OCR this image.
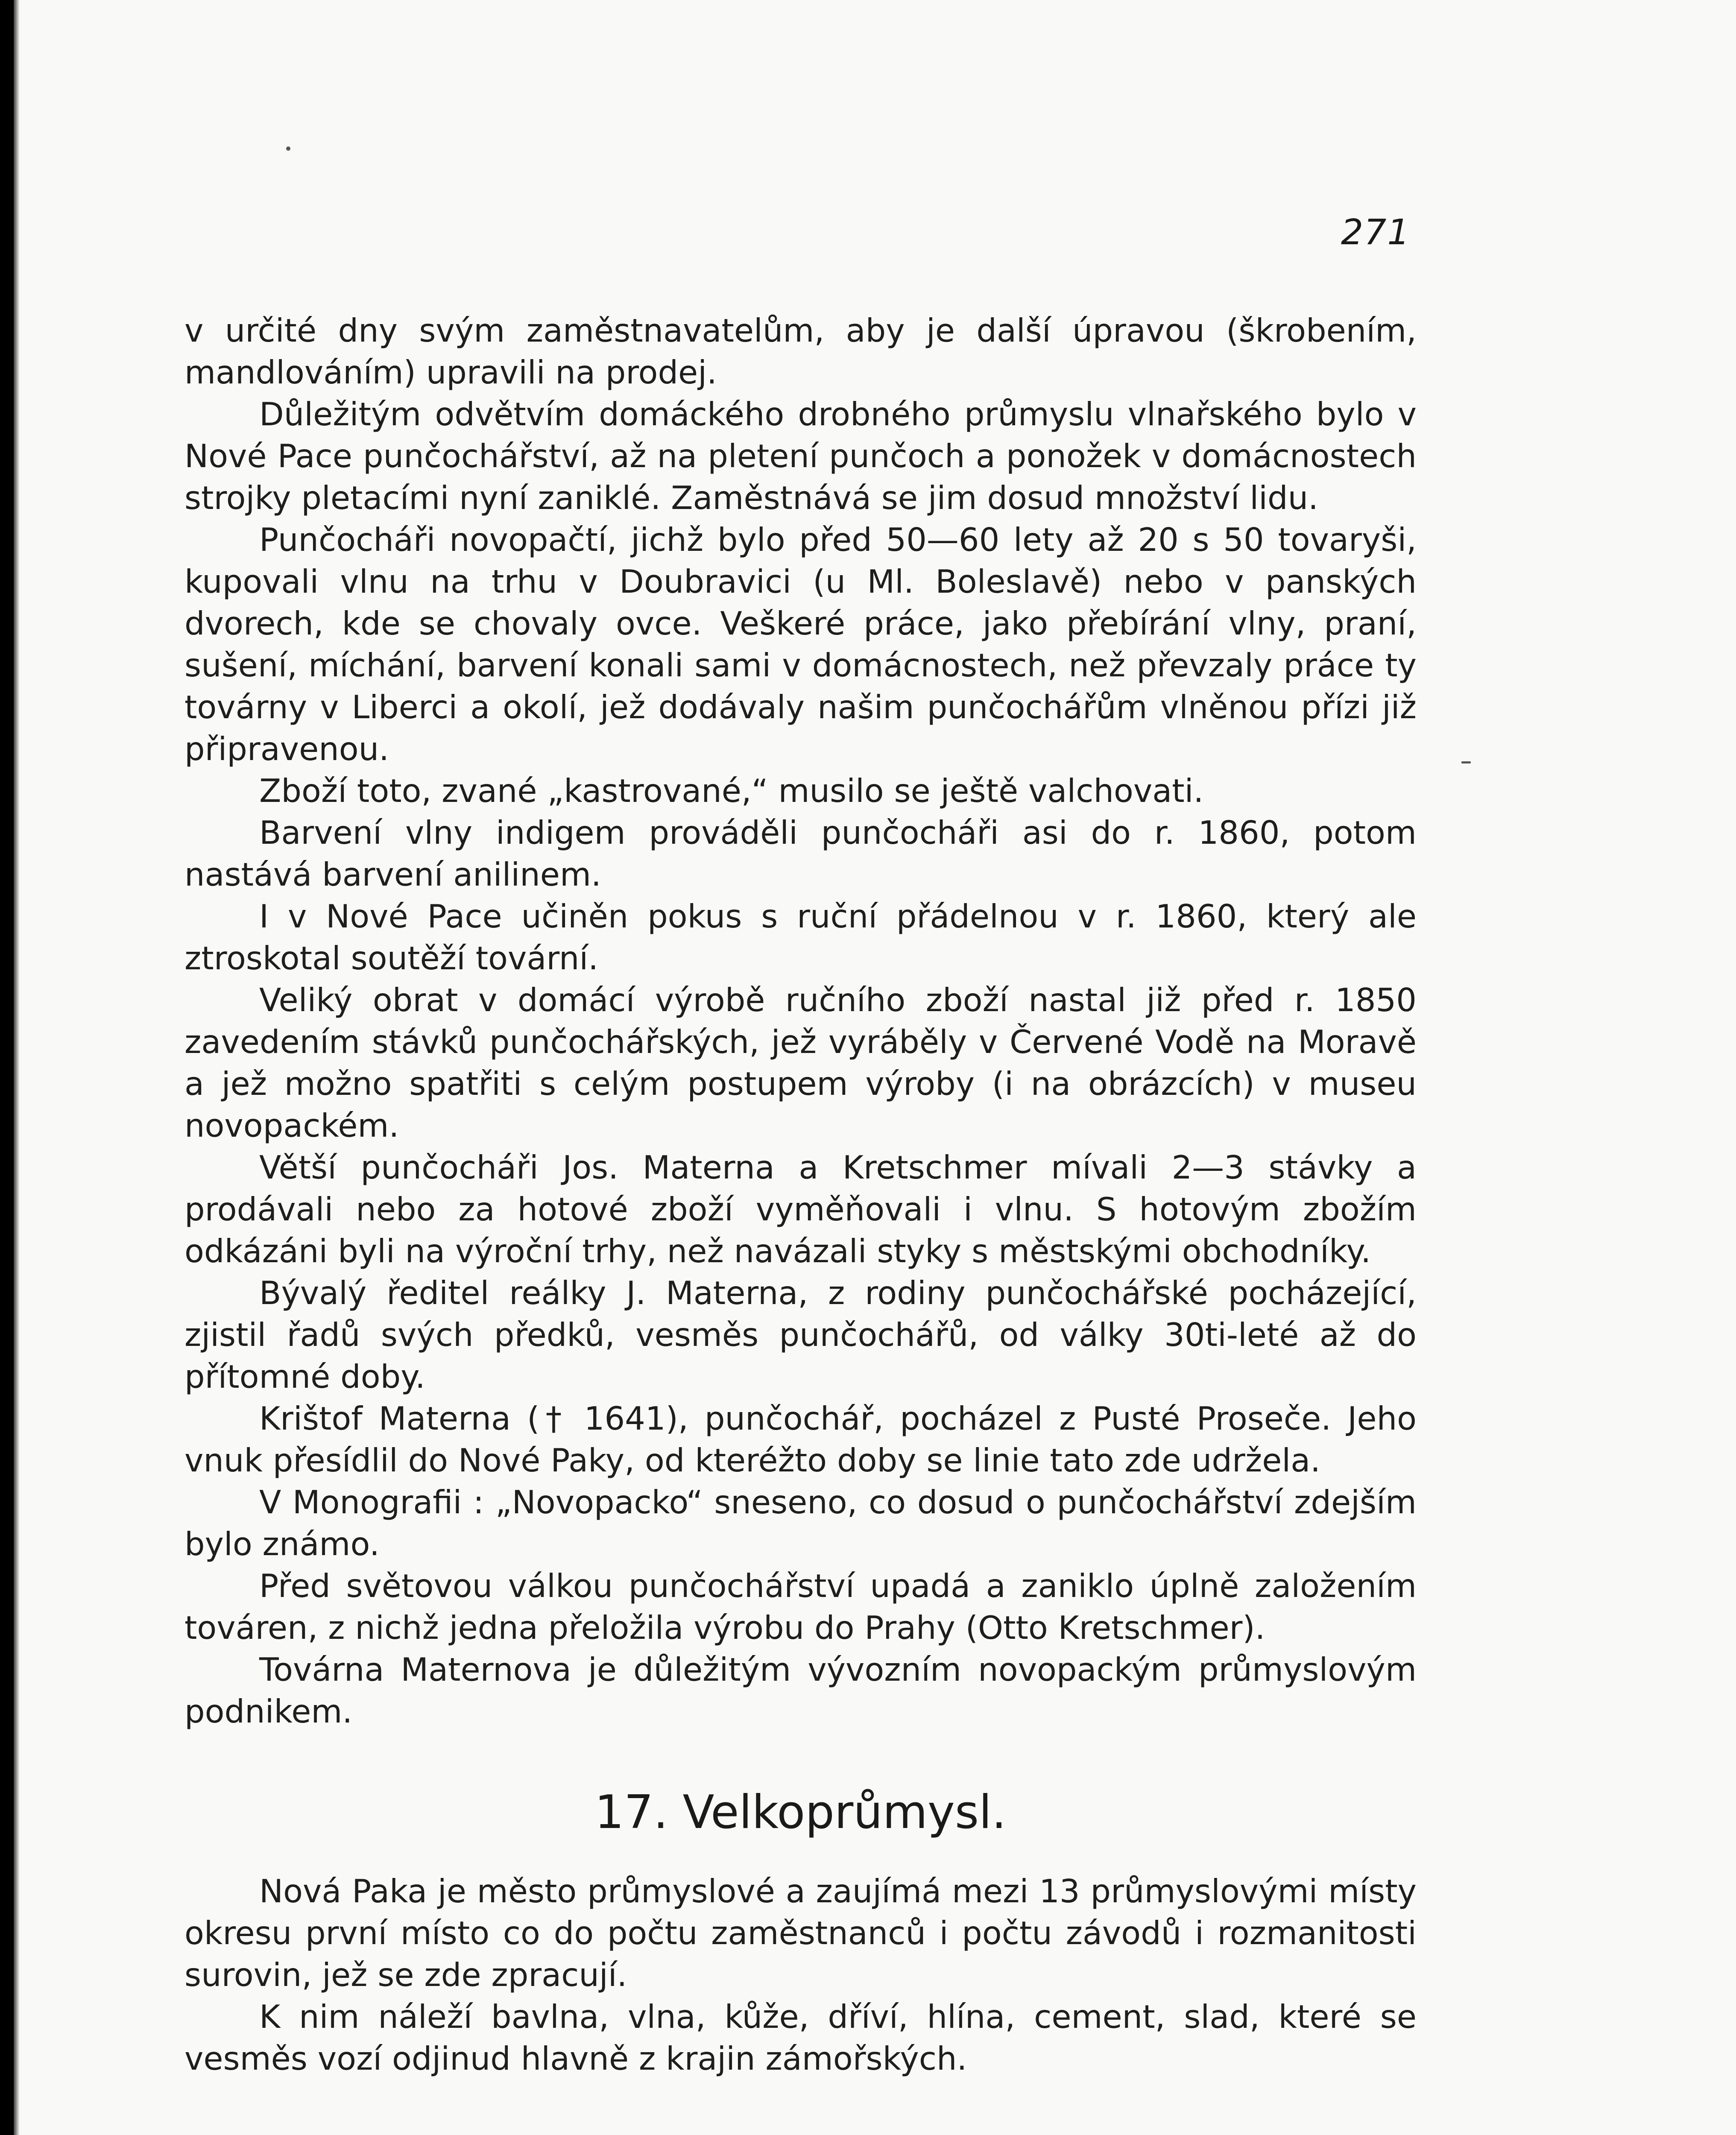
271

v určité dny svým zaměstnavatelům, aby je další úpravou (škrobením, mandlováním) upravili na prodej.

Důležitým odvětvím domáckého drobného průmyslu vlnařského bylo v Nové Pace punčochářství, až na pletení punčoch a ponožek v domácnostech strojky pletacími nyní zaniklé. Zaměstnává se jim dosud množství lidu.

Punčocháři novopačtí, jichž bylo před 50—60 lety až 20 s 50 tovaryši, kupovali vlnu na trhu v Doubravici (u Ml. Boleslavě) nebo v panských dvorech, kde se chovaly ovce. Veškeré práce, jako přebírání vlny, praní, sušení, míchání, barvení konali sami v domácnostech, než převzaly práce ty továrny v Liberci a okolí, jež dodávaly našim punčochářům vlněnou přízi již připravenou.

Zboží toto, zvané „kastrované,“ musilo se ještě valchovati.

Barvení vlny indigem prováděli punčocháři asi do r. 1860, potom nastává barvení anilinem.

I v Nové Pace učiněn pokus s ruční přádelnou v r. 1860, který ale ztroskotal soutěží tovární.

Veliký obrat v domácí výrobě ručního zboží nastal již před r. 1850 zavedením stávků punčochářských, jež vyráběly v Červené Vodě na Moravě a jež možno spatřiti s celým postupem výroby (i na obrázcích) v museu novopackém.

Větší punčocháři Jos. Materna a Kretschmer mívali 2—3 stávky a prodávali nebo za hotové zboží vyměňovali i vlnu. S hotovým zbožím odkázáni byli na výroční trhy, než navázali styky s městskými obchodníky.

Bývalý ředitel reálky J. Materna, z rodiny punčochářské pocházející, zjistil řadů svých předků, vesměs punčochářů, od války 30ti-leté až do přítomné doby.

Krištof Materna († 1641), punčochář, pocházel z Pusté Proseče. Jeho vnuk přesídlil do Nové Paky, od kteréžto doby se linie tato zde udržela.

V Monografii : „Novopacko“ sneseno, co dosud o punčochářství zdejším bylo známo.

Před světovou válkou punčochářství upadá a zaniklo úplně založením továren, z nichž jedna přeložila výrobu do Prahy (Otto Kretschmer).

Továrna Maternova je důležitým vývozním novopackým průmyslovým podnikem.

17. Velkoprůmysl.

Nová Paka je město průmyslové a zaujímá mezi 13 průmyslovými místy okresu první místo co do počtu zaměstnanců i počtu závodů i rozmanitosti surovin, jež se zde zpracují.

K nim náleží bavlna, vlna, kůže, dříví, hlína, cement, slad, které se vesměs vozí odjinud hlavně z krajin zámořských.
